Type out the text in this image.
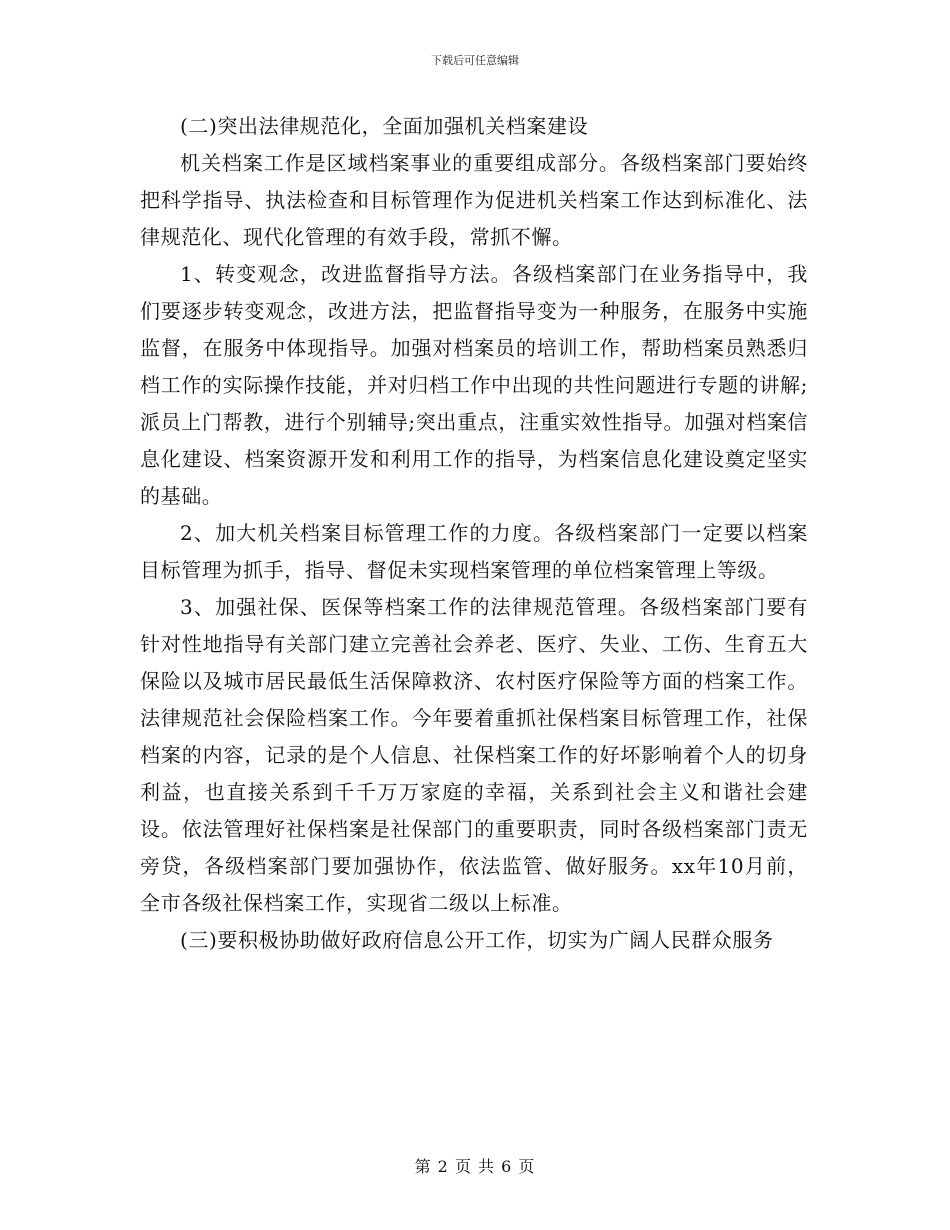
下载后可任意编辑

(二)突出法律规范化，全面加强机关档案建设

机关档案工作是区域档案事业的重要组成部分。各级档案部门要始终把科学指导、执法检查和目标管理作为促进机关档案工作达到标准化、法律规范化、现代化管理的有效手段，常抓不懈。

1、转变观念，改进监督指导方法。各级档案部门在业务指导中，我们要逐步转变观念，改进方法，把监督指导变为一种服务，在服务中实施监督，在服务中体现指导。加强对档案员的培训工作，帮助档案员熟悉归档工作的实际操作技能，并对归档工作中出现的共性问题进行专题的讲解;派员上门帮教，进行个别辅导;突出重点，注重实效性指导。加强对档案信息化建设、档案资源开发和利用工作的指导，为档案信息化建设奠定坚实的基础。

2、加大机关档案目标管理工作的力度。各级档案部门一定要以档案目标管理为抓手，指导、督促未实现档案管理的单位档案管理上等级。

3、加强社保、医保等档案工作的法律规范管理。各级档案部门要有针对性地指导有关部门建立完善社会养老、医疗、失业、工伤、生育五大保险以及城市居民最低生活保障救济、农村医疗保险等方面的档案工作。法律规范社会保险档案工作。今年要着重抓社保档案目标管理工作，社保档案的内容，记录的是个人信息、社保档案工作的好坏影响着个人的切身利益，也直接关系到千千万万家庭的幸福，关系到社会主义和谐社会建设。依法管理好社保档案是社保部门的重要职责，同时各级档案部门责无旁贷，各级档案部门要加强协作，依法监管、做好服务。xx年10月前，全市各级社保档案工作，实现省二级以上标准。

(三)要积极协助做好政府信息公开工作，切实为广阔人民群众服务

第 2 页 共 6 页
